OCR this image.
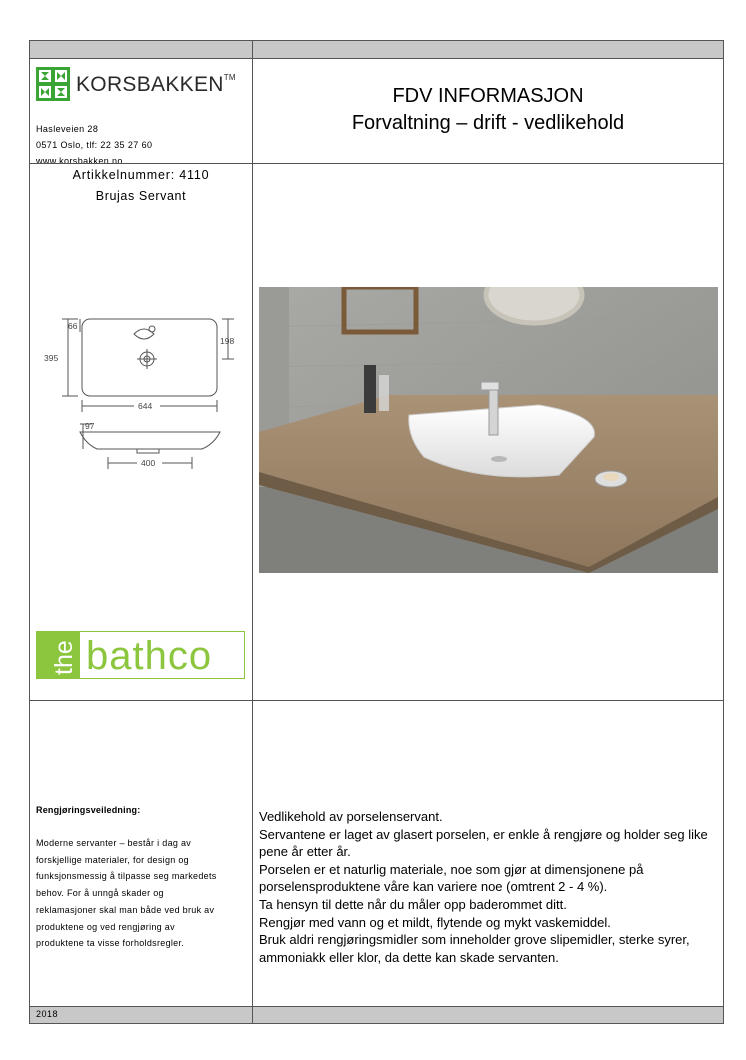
KORSBAKKEN™
Hasleveien 28
0571 Oslo, tlf: 22 35 27 60
www.korsbakken.no
FDV INFORMASJON
Forvaltning – drift - vedlikehold
Artikkelnummer: 4110
Brujas Servant
66
395
198
644
97
400
the bathco
Rengjøringsveiledning:
Moderne servanter – består i dag av
forskjellige materialer, for design og
funksjonsmessig å tilpasse seg markedets
behov. For å unngå skader og
reklamasjoner skal man både ved bruk av
produktene og ved rengjøring av
produktene ta visse forholdsregler.
Vedlikehold av porselenservant.
Servantene er laget av glasert porselen, er enkle å rengjøre og holder seg like
pene år etter år.
Porselen er et naturlig materiale, noe som gjør at dimensjonene på
porselensproduktene våre kan variere noe (omtrent 2 - 4 %).
Ta hensyn til dette når du måler opp baderommet ditt.
Rengjør med vann og et mildt, flytende og mykt vaskemiddel.
Bruk aldri rengjøringsmidler som inneholder grove slipemidler, sterke syrer,
ammoniakk eller klor, da dette kan skade servanten.
2018
